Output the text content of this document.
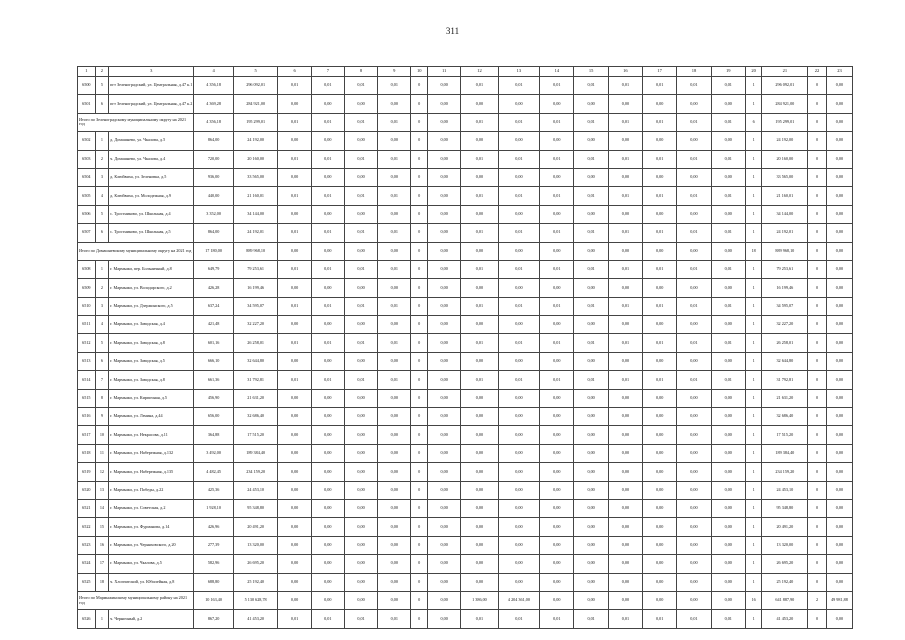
311
1	2	3	4	5	6	7	8	9	10	11	12	13	14	15	16	17	18	19	20	21	22	23
6500	5	пгт Зеленоградский, ул. Центральная, д.47 к.1	4 356,18	296 092,01	0,01	0,01	0,01	0,01	0	0,00	0,01	0,01	0,01	0,01	0,01	0,01	0,01	0,01	1	296 092,01	0	0,00
6501	6	пгт Зеленоградский, ул. Центральная, д.47 к.2	4 369,28	284 921,00	0,00	0,00	0,00	0,00	0	0,00	0,00	0,00	0,00	0,00	0,00	0,00	0,00	0,00	1	284 921,00	0	0,00
Итого по Зеленоградскому муниципальному округу на 2021 год			4 356,18	195 299,01	0,01	0,01	0,01	0,01	0	0,00	0,01	0,01	0,01	0,01	0,01	0,01	0,01	0,01	6	195 299,01	0	0,00
6502	1	д. Домашнево, ул. Чкалова, д.5	864,00	24 192,00	0,00	0,00	0,00	0,00	0	0,00	0,00	0,00	0,00	0,00	0,00	0,00	0,00	0,00	1	24 192,00	0	0,00
6503	2	ч. Домашнево, ул. Чкалова, д.4	720,00	20 160,00	0,01	0,01	0,01	0,01	0	0,00	0,01	0,01	0,01	0,01	0,01	0,01	0,01	0,01	1	20 160,00	0	0,00
6504	3	д. Клюйвиха, ул. Зеленовка, д.5	936,00	33 565,00	0,00	0,00	0,00	0,00	0	0,00	0,00	0,00	0,00	0,00	0,00	0,00	0,00	0,00	1	33 565,00	0	0,00
6505	4	д. Клюйвиха, ул. Молодежная, д.9	440,00	21 160,01	0,01	0,01	0,01	0,01	0	0,00	0,01	0,01	0,01	0,01	0,01	0,01	0,01	0,01	1	21 160,01	0	0,00
6506	5	с. Тростниково, ул. Школьная, д.4	3 352,00	34 144,00	0,00	0,00	0,00	0,00	0	0,00	0,00	0,00	0,00	0,00	0,00	0,00	0,00	0,00	1	34 144,00	0	0,00
6507	6	с. Тростниково, ул. Школьная, д.5	864,00	24 192,01	0,01	0,01	0,01	0,01	0	0,00	0,01	0,01	0,01	0,01	0,01	0,01	0,01	0,01	1	24 192,01	0	0,00
Итого по Домашневскому муниципальному округу на 2021 год			17 180,00	889 968,10	0,00	0,00	0,00	0,00	0	0,00	0,00	0,00	0,00	0,00	0,00	0,00	0,00	0,00	18	889 968,10	0	0,00
6508	1	г. Мармыжи, пер. Больничный, д.8	649,79	79 253,61	0,01	0,01	0,01	0,01	0	0,00	0,01	0,01	0,01	0,01	0,01	0,01	0,01	0,01	1	79 253,61	0	0,00
6509	2	г. Мармыжи, ул. Володарского, д.2	426,28	16 199,46	0,00	0,00	0,00	0,00	0	0,00	0,00	0,00	0,00	0,00	0,00	0,00	0,00	0,00	1	16 199,46	0	0,00
6510	3	г. Мармыжи, ул. Дзержинского, д.5	637,24	34 595,07	0,01	0,01	0,01	0,01	0	0,00	0,01	0,01	0,01	0,01	0,01	0,01	0,01	0,01	1	34 595,07	0	0,00
6511	4	г. Мармыжи, ул. Заводская, д.4	421,48	32 227,20	0,00	0,00	0,00	0,00	0	0,00	0,00	0,00	0,00	0,00	0,00	0,00	0,00	0,00	1	32 227,20	0	0,00
6512	5	г. Мармыжи, ул. Заводская, д.8	601,16	26 258,01	0,01	0,01	0,01	0,01	0	0,00	0,01	0,01	0,01	0,01	0,01	0,01	0,01	0,01	1	26 258,01	0	0,00
6513	6	г. Мармыжи, ул. Заводская, д.5	666,10	32 644,80	0,00	0,00	0,00	0,00	0	0,00	0,00	0,00	0,00	0,00	0,00	0,00	0,00	0,00	1	32 644,80	0	0,00
6514	7	г. Мармыжи, ул. Заводская, д.8	661,36	31 792,81	0,01	0,01	0,01	0,01	0	0,00	0,01	0,01	0,01	0,01	0,01	0,01	0,01	0,01	1	31 792,81	0	0,00
6515	8	г. Мармыжи, ул. Кирпичная, д.5	456,90	21 631,20	0,00	0,00	0,00	0,00	0	0,00	0,00	0,00	0,00	0,00	0,00	0,00	0,00	0,00	1	21 631,20	0	0,00
6516	9	г. Мармыжи, ул. Ленина, д.44	656,00	32 686,40	0,00	0,00	0,00	0,00	0	0,00	0,00	0,00	0,00	0,00	0,00	0,00	0,00	0,00	1	32 686,40	0	0,00
6517	10	г. Мармыжи, ул. Некрасова, д.11	364,88	17 515,20	0,00	0,00	0,00	0,00	0	0,00	0,00	0,00	0,00	0,00	0,00	0,00	0,00	0,00	1	17 515,20	0	0,00
6518	11	г. Мармыжи, ул. Набережная, д.132	3 492,00	189 384,40	0,00	0,00	0,00	0,00	0	0,00	0,00	0,00	0,00	0,00	0,00	0,00	0,00	0,00	1	189 384,40	0	0,00
6519	12	г. Мармыжи, ул. Набережная, д.135	4 482,45	234 159,20	0,00	0,00	0,00	0,00	0	0,00	0,00	0,00	0,00	0,00	0,00	0,00	0,00	0,00	1	234 159,20	0	0,00
6520	13	г. Мармыжи, ул. Победы, д.22	425,36	24 453,10	0,00	0,00	0,00	0,00	0	0,00	0,00	0,00	0,00	0,00	0,00	0,00	0,00	0,00	1	24 453,10	0	0,00
6521	14	г. Мармыжи, ул. Советская, д.2	1 928,10	95 348,80	0,00	0,00	0,00	0,00	0	0,00	0,00	0,00	0,00	0,00	0,00	0,00	0,00	0,00	1	95 348,80	0	0,00
6522	15	г. Мармыжи, ул. Фурманова, д.14	426,96	20 491,20	0,00	0,00	0,00	0,00	0	0,00	0,00	0,00	0,00	0,00	0,00	0,00	0,00	0,00	1	20 491,20	0	0,00
6523	16	г. Мармыжи, ул. Черняховского, д.20	277,39	13 320,00	0,00	0,00	0,00	0,00	0	0,00	0,00	0,00	0,00	0,00	0,00	0,00	0,00	0,00	1	13 320,00	0	0,00
6524	17	г. Мармыжи, ул. Чкалова, д.5	582,96	26 695,20	0,00	0,00	0,00	0,00	0	0,00	0,00	0,00	0,00	0,00	0,00	0,00	0,00	0,00	1	26 695,20	0	0,00
6525	18	ч. Хлопчатский, ул. Юбилейная, д.8	688,80	25 192,40	0,00	0,00	0,00	0,00	0	0,00	0,00	0,00	0,00	0,00	0,00	0,00	0,00	0,00	1	25 192,40	0	0,00
Итого по Мармыжинскому муниципальному району на 2021 год			10 163,40	5 130 628,78	0,00	0,00	0,00	0,00	0	0,00	1 386,00	4 204 361,00	0,00	0,00	0,00	0,00	0,00	0,00	16	641 887,90	2	49 981,88
6526	1	ч. Черничный, д.2	867,20	41 453,20	0,01	0,01	0,01	0,01	0	0,00	0,01	0,01	0,01	0,01	0,01	0,01	0,01	0,01	1	41 453,20	0	0,00
